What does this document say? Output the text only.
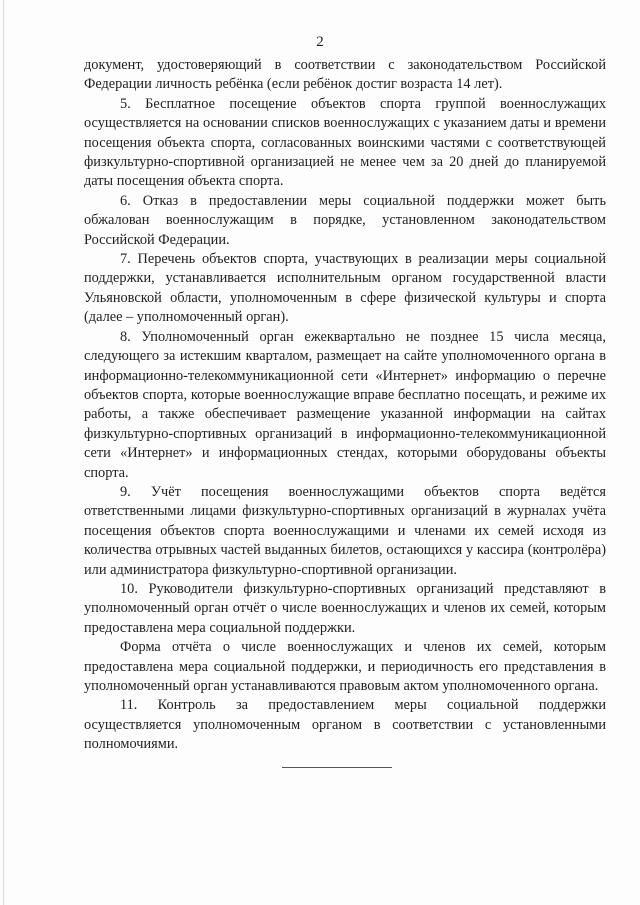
2

документ, удостоверяющий в соответствии с законодательством Российской Федерации личность ребёнка (если ребёнок достиг возраста 14 лет).

5. Бесплатное посещение объектов спорта группой военнослужащих осуществляется на основании списков военнослужащих с указанием даты и времени посещения объекта спорта, согласованных воинскими частями с соответствующей физкультурно-спортивной организацией не менее чем за 20 дней до планируемой даты посещения объекта спорта.

6. Отказ в предоставлении меры социальной поддержки может быть обжалован военнослужащим в порядке, установленном законодательством Российской Федерации.

7. Перечень объектов спорта, участвующих в реализации меры социальной поддержки, устанавливается исполнительным органом государственной власти Ульяновской области, уполномоченным в сфере физической культуры и спорта (далее – уполномоченный орган).

8. Уполномоченный орган ежеквартально не позднее 15 числа месяца, следующего за истекшим кварталом, размещает на сайте уполномоченного органа в информационно-телекоммуникационной сети «Интернет» информацию о перечне объектов спорта, которые военнослужащие вправе бесплатно посещать, и режиме их работы, а также обеспечивает размещение указанной информации на сайтах физкультурно-спортивных организаций в информационно-телекоммуникационной сети «Интернет» и информационных стендах, которыми оборудованы объекты спорта.

9. Учёт посещения военнослужащими объектов спорта ведётся ответственными лицами физкультурно-спортивных организаций в журналах учёта посещения объектов спорта военнослужащими и членами их семей исходя из количества отрывных частей выданных билетов, остающихся у кассира (контролёра) или администратора физкультурно-спортивной организации.

10. Руководители физкультурно-спортивных организаций представляют в уполномоченный орган отчёт о числе военнослужащих и членов их семей, которым предоставлена мера социальной поддержки.

Форма отчёта о числе военнослужащих и членов их семей, которым предоставлена мера социальной поддержки, и периодичность его представления в уполномоченный орган устанавливаются правовым актом уполномоченного органа.

11. Контроль за предоставлением меры социальной поддержки осуществляется уполномоченным органом в соответствии с установленными полномочиями.
